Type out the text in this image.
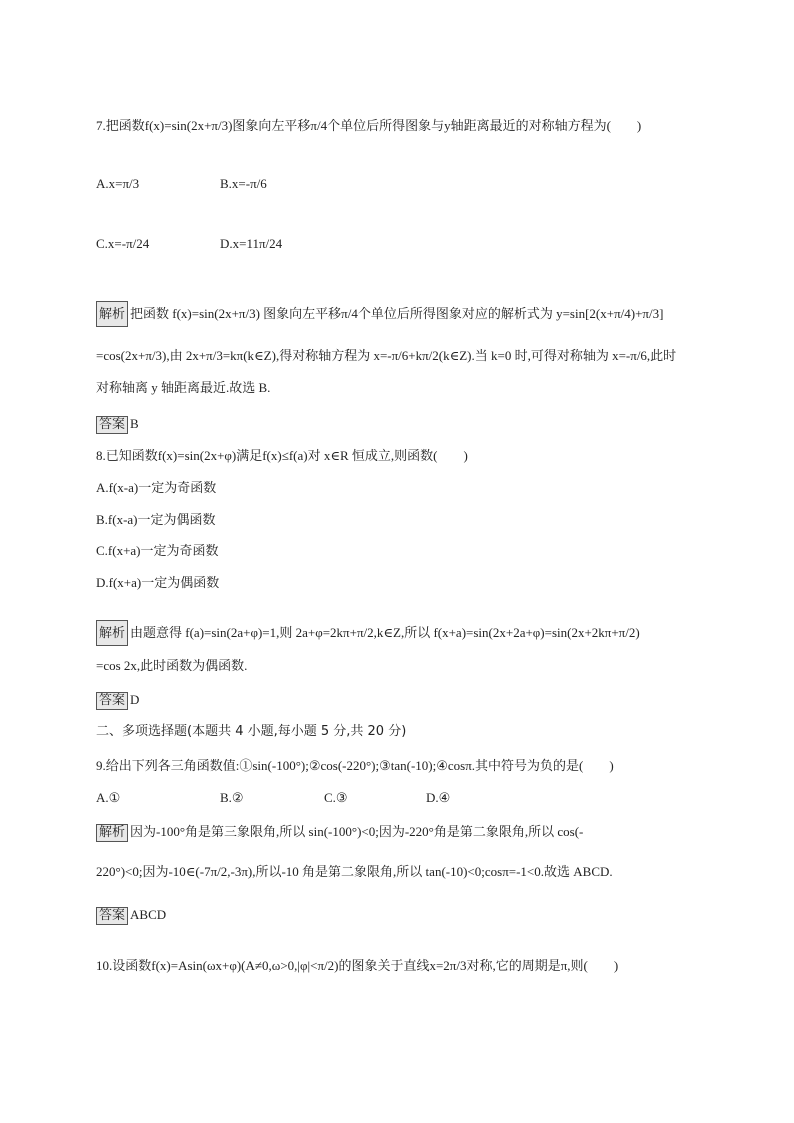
7.把函数f(x)=sin(2x+π/3)图象向左平移π/4个单位后所得图象与y轴距离最近的对称轴方程为(　　)
A.x=π/3	B.x=-π/6
C.x=-π/24	D.x=11π/24
解析 把函数 f(x)=sin(2x+π/3) 图象向左平移π/4个单位后所得图象对应的解析式为 y=sin[2(x+π/4)+π/3]
=cos(2x+π/3),由 2x+π/3=kπ(k∈Z),得对称轴方程为 x=-π/6+kπ/2(k∈Z).当 k=0 时,可得对称轴为 x=-π/6,此时
对称轴离 y 轴距离最近.故选 B.
答案 B
8.已知函数f(x)=sin(2x+φ)满足f(x)≤f(a)对 x∈R 恒成立,则函数(　　)
A.f(x-a)一定为奇函数
B.f(x-a)一定为偶函数
C.f(x+a)一定为奇函数
D.f(x+a)一定为偶函数
解析 由题意得 f(a)=sin(2a+φ)=1,则 2a+φ=2kπ+π/2,k∈Z,所以 f(x+a)=sin(2x+2a+φ)=sin(2x+2kπ+π/2)
=cos 2x,此时函数为偶函数.
答案 D
二、多项选择题(本题共 4 小题,每小题 5 分,共 20 分)
9.给出下列各三角函数值:①sin(-100°);②cos(-220°);③tan(-10);④cosπ.其中符号为负的是(　　)
A.①	B.②	C.③	D.④
解析 因为-100°角是第三象限角,所以 sin(-100°)<0;因为-220°角是第二象限角,所以 cos(-
220°)<0;因为-10∈(-7π/2,-3π),所以-10 角是第二象限角,所以 tan(-10)<0;cosπ=-1<0.故选 ABCD.
答案 ABCD
10.设函数f(x)=Asin(ωx+φ)(A≠0,ω>0,|φ|<π/2)的图象关于直线x=2π/3对称,它的周期是π,则(　　)
